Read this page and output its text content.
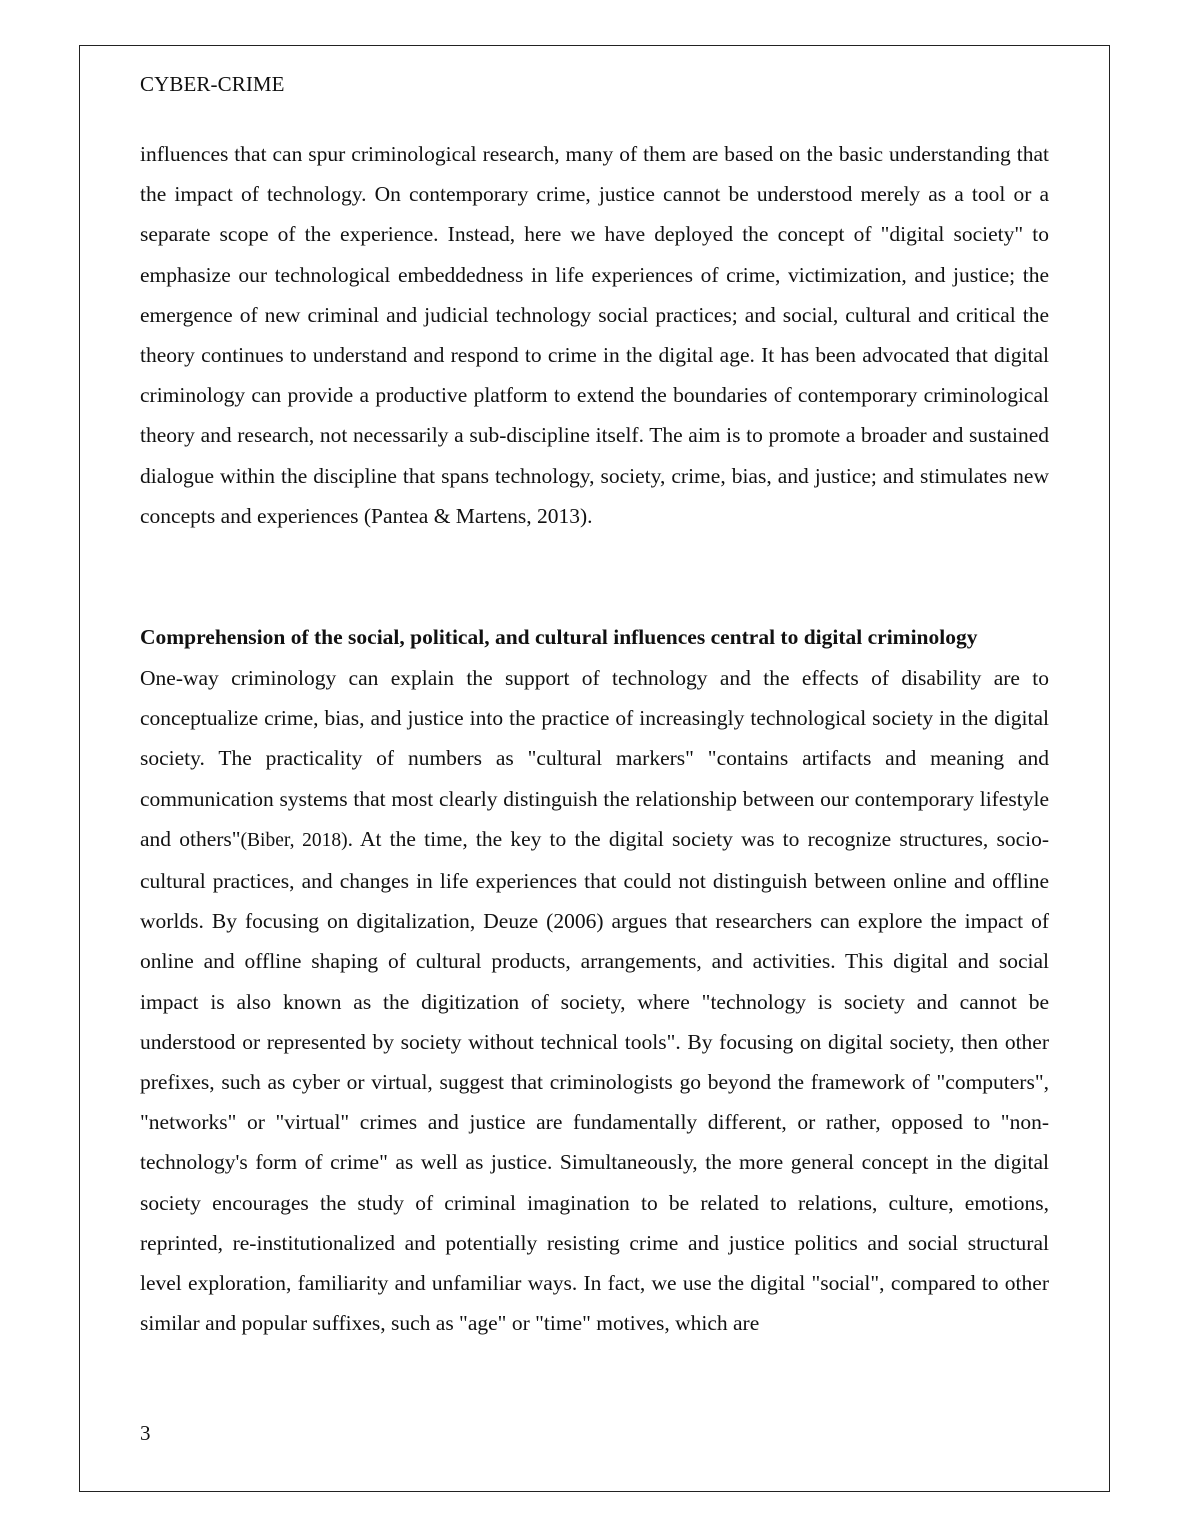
CYBER-CRIME

influences that can spur criminological research, many of them are based on the basic understanding that the impact of technology. On contemporary crime, justice cannot be understood merely as a tool or a separate scope of the experience. Instead, here we have deployed the concept of "digital society" to emphasize our technological embeddedness in life experiences of crime, victimization, and justice; the emergence of new criminal and judicial technology social practices; and social, cultural and critical the theory continues to understand and respond to crime in the digital age. It has been advocated that digital criminology can provide a productive platform to extend the boundaries of contemporary criminological theory and research, not necessarily a sub-discipline itself. The aim is to promote a broader and sustained dialogue within the discipline that spans technology, society, crime, bias, and justice; and stimulates new concepts and experiences (Pantea & Martens, 2013).

Comprehension of the social, political, and cultural influences central to digital criminology

One-way criminology can explain the support of technology and the effects of disability are to conceptualize crime, bias, and justice into the practice of increasingly technological society in the digital society. The practicality of numbers as "cultural markers" "contains artifacts and meaning and communication systems that most clearly distinguish the relationship between our contemporary lifestyle and others"(Biber, 2018). At the time, the key to the digital society was to recognize structures, socio-cultural practices, and changes in life experiences that could not distinguish between online and offline worlds. By focusing on digitalization, Deuze (2006) argues that researchers can explore the impact of online and offline shaping of cultural products, arrangements, and activities. This digital and social impact is also known as the digitization of society, where "technology is society and cannot be understood or represented by society without technical tools". By focusing on digital society, then other prefixes, such as cyber or virtual, suggest that criminologists go beyond the framework of "computers", "networks" or "virtual" crimes and justice are fundamentally different, or rather, opposed to "non-technology's form of crime" as well as justice. Simultaneously, the more general concept in the digital society encourages the study of criminal imagination to be related to relations, culture, emotions, reprinted, re-institutionalized and potentially resisting crime and justice politics and social structural level exploration, familiarity and unfamiliar ways. In fact, we use the digital "social", compared to other similar and popular suffixes, such as "age" or "time" motives, which are

3
